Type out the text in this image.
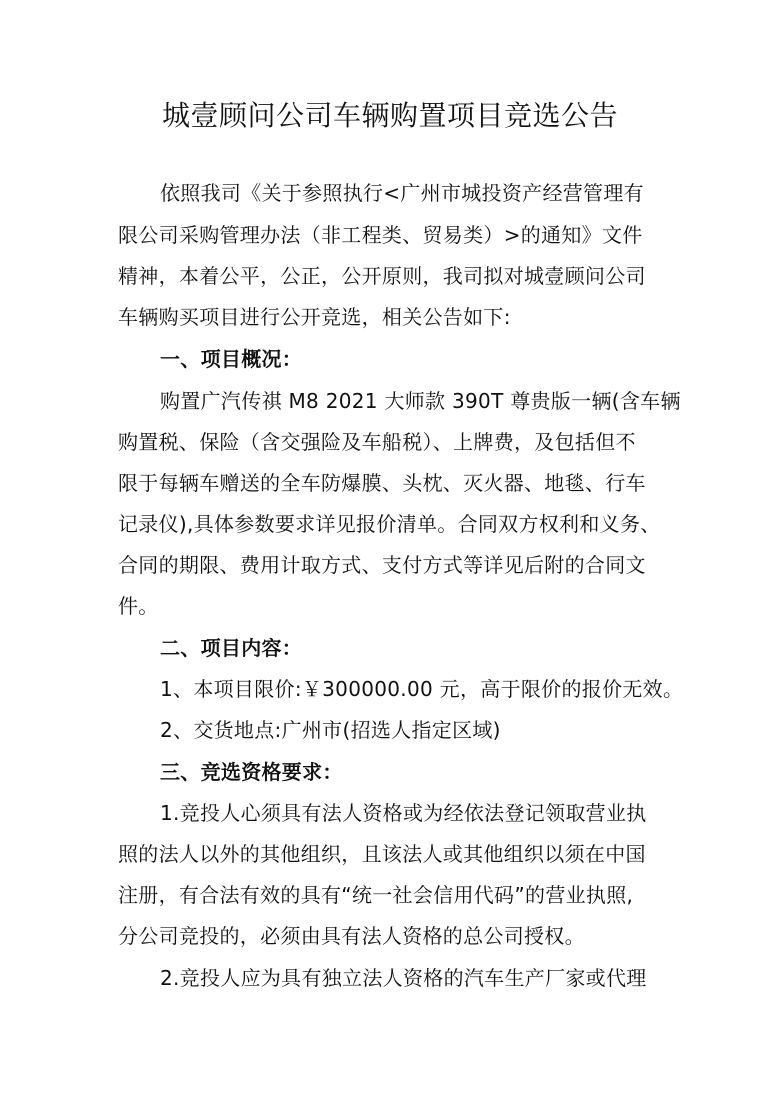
城壹顾问公司车辆购置项目竞选公告
依照我司《关于参照执行<广州市城投资产经营管理有
限公司采购管理办法（非工程类、贸易类）>的通知》文件
精神，本着公平，公正，公开原则，我司拟对城壹顾问公司
车辆购买项目进行公开竞选，相关公告如下:
一、项目概况：
购置广汽传祺 M8 2021 大师款 390T 尊贵版一辆(含车辆
购置税、保险（含交强险及车船税）、上牌费，及包括但不
限于每辆车赠送的全车防爆膜、头枕、灭火器、地毯、行车
记录仪),具体参数要求详见报价清单。合同双方权利和义务、
合同的期限、费用计取方式、支付方式等详见后附的合同文
件。
二、项目内容：
1、本项目限价:￥300000.00 元，高于限价的报价无效。
2、交货地点:广州市(招选人指定区域)
三、竞选资格要求：
1.竞投人心须具有法人资格或为经依法登记领取营业执
照的法人以外的其他组织，且该法人或其他组织以须在中国
注册，有合法有效的具有“统一社会信用代码”的营业执照,
分公司竞投的，必须由具有法人资格的总公司授权。
2.竞投人应为具有独立法人资格的汽车生产厂家或代理
